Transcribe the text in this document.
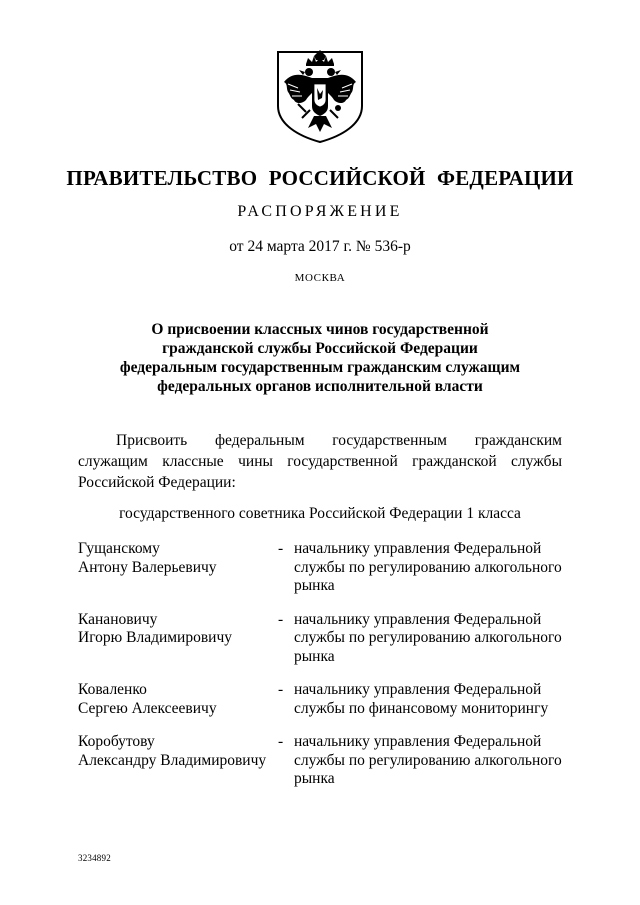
ПРАВИТЕЛЬСТВО РОССИЙСКОЙ ФЕДЕРАЦИИ
РАСПОРЯЖЕНИЕ
от 24 марта 2017 г. № 536-р
МОСКВА
О присвоении классных чинов государственной
гражданской службы Российской Федерации
федеральным государственным гражданским служащим
федеральных органов исполнительной власти
Присвоить федеральным государственным гражданским служащим классные чины государственной гражданской службы Российской Федерации:
государственного советника Российской Федерации 1 класса
Гущанскому
Антону Валерьевичу
- начальнику управления Федеральной службы по регулированию алкогольного рынка
Канановичу
Игорю Владимировичу
- начальнику управления Федеральной службы по регулированию алкогольного рынка
Коваленко
Сергею Алексеевичу
- начальнику управления Федеральной службы по финансовому мониторингу
Коробутову
Александру Владимировичу
- начальнику управления Федеральной службы по регулированию алкогольного рынка
3234892
